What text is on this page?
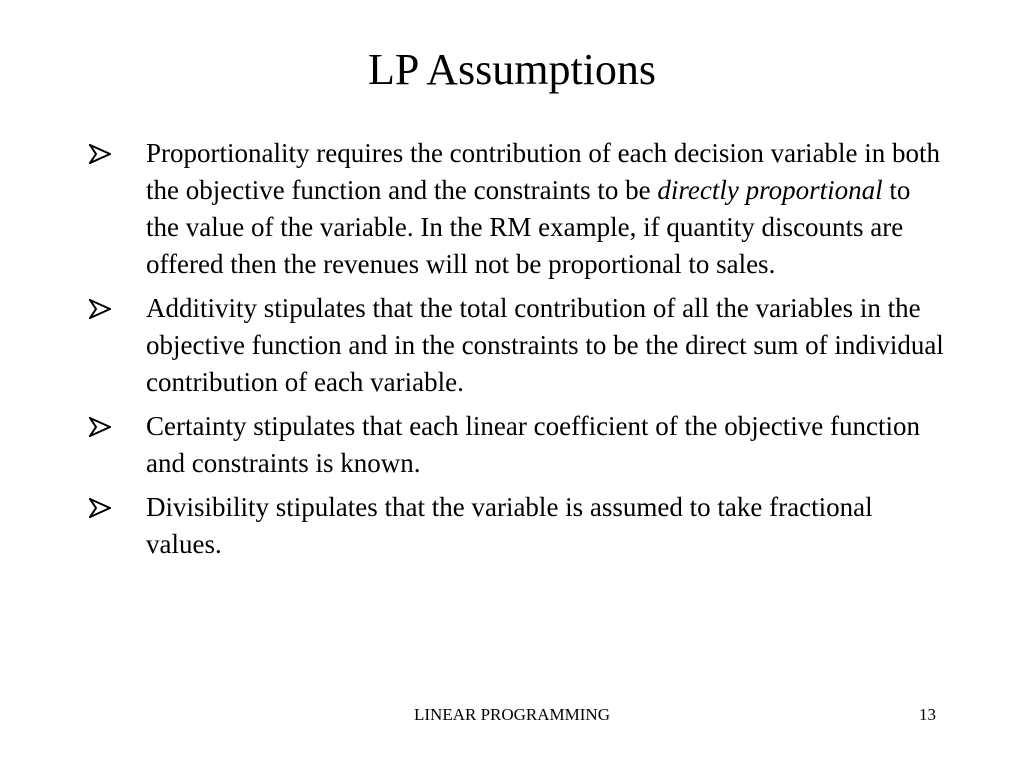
LP Assumptions
Proportionality requires the contribution of each decision variable in both the objective function and the constraints to be directly proportional to the value of the variable. In the RM example, if quantity discounts are offered then the revenues will not be proportional to sales.
Additivity stipulates that the total contribution of all the variables in the objective function and in the constraints to be the direct sum of individual contribution of each variable.
Certainty stipulates that each linear coefficient of the objective function and constraints is known.
Divisibility stipulates that the variable is assumed to take fractional values.
LINEAR PROGRAMMING	13
